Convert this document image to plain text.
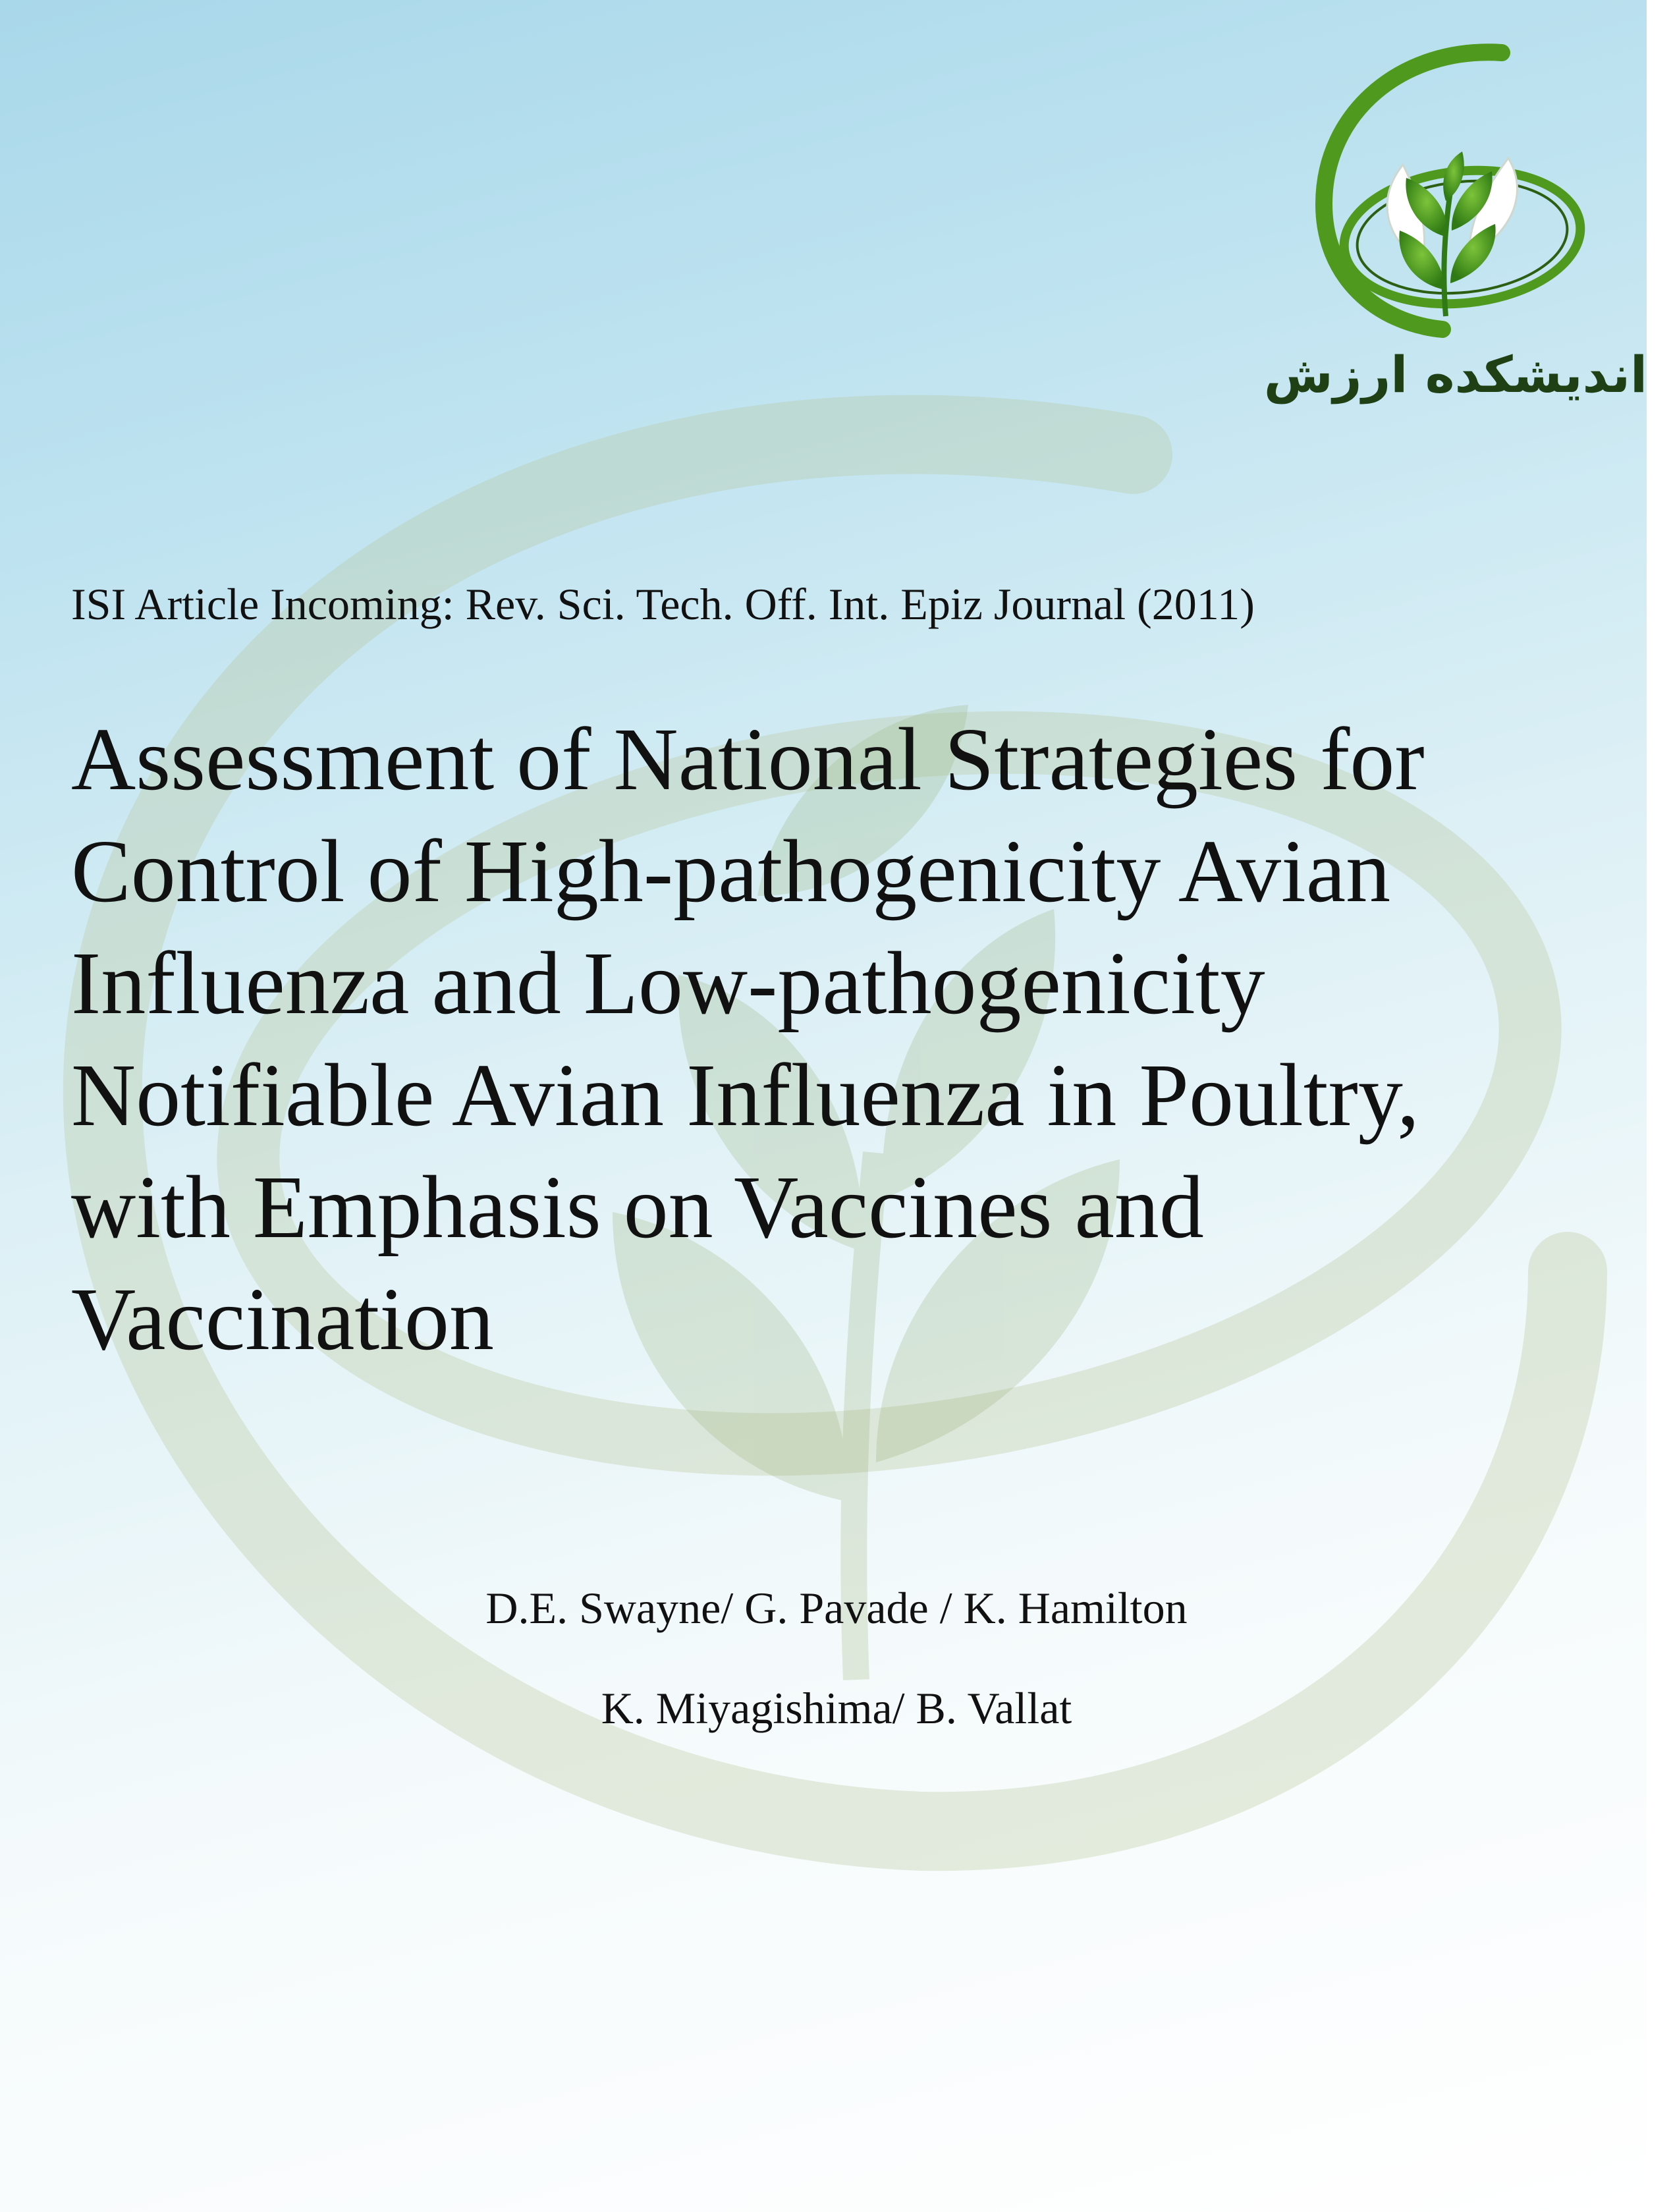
اندیشکده ارزش
ISI Article Incoming: Rev. Sci. Tech. Off. Int. Epiz Journal (2011)
Assessment of National Strategies for
Control of High-pathogenicity Avian
Influenza and Low-pathogenicity
Notifiable Avian Influenza in Poultry,
with Emphasis on Vaccines and
Vaccination
D.E. Swayne/ G. Pavade / K. Hamilton
K. Miyagishima/ B. Vallat
